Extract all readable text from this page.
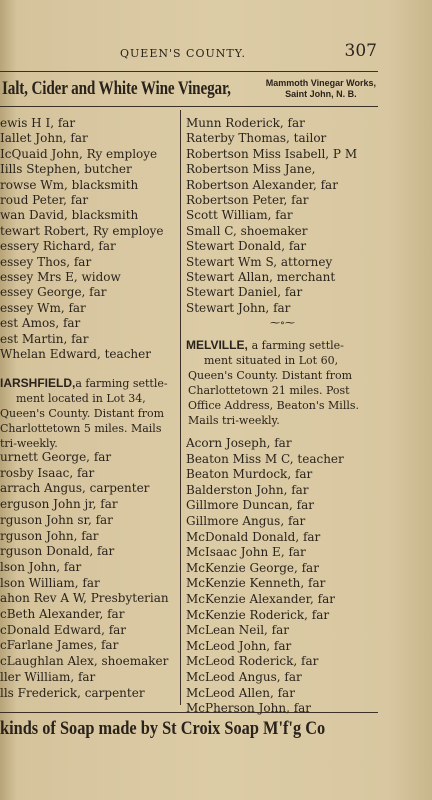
QUEEN'S COUNTY.	307
Ialt, Cider and White Wine Vinegar,	Mammoth Vinegar Works,
Saint John, N. B.
ewis H I, far
Iallet John, far
IcQuaid John, Ry employe
Iills Stephen, butcher
rowse Wm, blacksmith
roud Peter, far
wan David, blacksmith
tewart Robert, Ry employe
essery Richard, far
essey Thos, far
essey Mrs E, widow
essey George, far
essey Wm, far
est Amos, far
est Martin, far
Whelan Edward, teacher
IARSHFIELD,a farming settle-
ment located in Lot 34,
Queen's County. Distant from
Charlottetown 5 miles. Mails
tri-weekly.
urnett George, far
rosby Isaac, far
arrach Angus, carpenter
erguson John jr, far
rguson John sr, far
rguson John, far
rguson Donald, far
lson John, far
lson William, far
ahon Rev A W, Presbyterian
cBeth Alexander, far
cDonald Edward, far
cFarlane James, far
cLaughlan Alex, shoemaker
ller William, far
lls Frederick, carpenter
Munn Roderick, far
Raterby Thomas, tailor
Robertson Miss Isabell, P M
Robertson Miss Jane,
Robertson Alexander, far
Robertson Peter, far
Scott William, far
Small C, shoemaker
Stewart Donald, far
Stewart Wm S, attorney
Stewart Allan, merchant
Stewart Daniel, far
Stewart John, far
⁓∘⁓
MELVILLE, a farming settle-
ment situated in Lot 60,
Queen's County. Distant from
Charlottetown 21 miles. Post
Office Address, Beaton's Mills.
Mails tri-weekly.
Acorn Joseph, far
Beaton Miss M C, teacher
Beaton Murdock, far
Balderston John, far
Gillmore Duncan, far
Gillmore Angus, far
McDonald Donald, far
McIsaac John E, far
McKenzie George, far
McKenzie Kenneth, far
McKenzie Alexander, far
McKenzie Roderick, far
McLean Neil, far
McLeod John, far
McLeod Roderick, far
McLeod Angus, far
McLeod Allen, far
McPherson John, far
kinds of Soap made by St Croix Soap M'f'g Co
